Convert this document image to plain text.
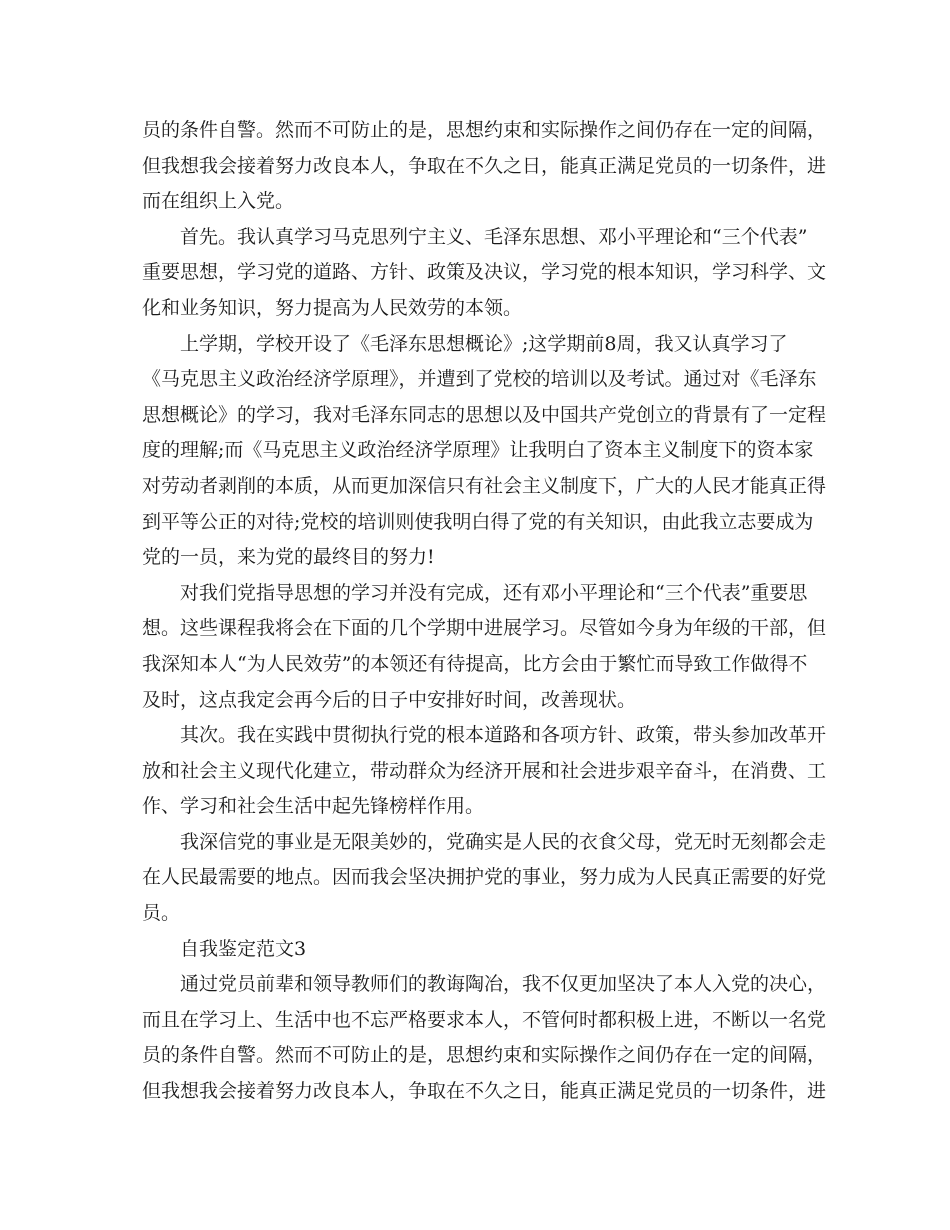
员的条件自警。然而不可防止的是，思想约束和实际操作之间仍存在一定的间隔，
但我想我会接着努力改良本人，争取在不久之日，能真正满足党员的一切条件，进
而在组织上入党。
　　首先。我认真学习马克思列宁主义、毛泽东思想、邓小平理论和“三个代表”
重要思想，学习党的道路、方针、政策及决议，学习党的根本知识，学习科学、文
化和业务知识，努力提高为人民效劳的本领。
　　上学期，学校开设了《毛泽东思想概论》;这学期前8周，我又认真学习了
《马克思主义政治经济学原理》，并遭到了党校的培训以及考试。通过对《毛泽东
思想概论》的学习，我对毛泽东同志的思想以及中国共产党创立的背景有了一定程
度的理解;而《马克思主义政治经济学原理》让我明白了资本主义制度下的资本家
对劳动者剥削的本质，从而更加深信只有社会主义制度下，广大的人民才能真正得
到平等公正的对待;党校的培训则使我明白得了党的有关知识，由此我立志要成为
党的一员，来为党的最终目的努力!
　　对我们党指导思想的学习并没有完成，还有邓小平理论和“三个代表”重要思
想。这些课程我将会在下面的几个学期中进展学习。尽管如今身为年级的干部，但
我深知本人“为人民效劳”的本领还有待提高，比方会由于繁忙而导致工作做得不
及时，这点我定会再今后的日子中安排好时间，改善现状。
　　其次。我在实践中贯彻执行党的根本道路和各项方针、政策，带头参加改革开
放和社会主义现代化建立，带动群众为经济开展和社会进步艰辛奋斗，在消费、工
作、学习和社会生活中起先锋榜样作用。
　　我深信党的事业是无限美妙的，党确实是人民的衣食父母，党无时无刻都会走
在人民最需要的地点。因而我会坚决拥护党的事业，努力成为人民真正需要的好党
员。
　　自我鉴定范文3
　　通过党员前辈和领导教师们的教诲陶冶，我不仅更加坚决了本人入党的决心，
而且在学习上、生活中也不忘严格要求本人，不管何时都积极上进，不断以一名党
员的条件自警。然而不可防止的是，思想约束和实际操作之间仍存在一定的间隔，
但我想我会接着努力改良本人，争取在不久之日，能真正满足党员的一切条件，进
